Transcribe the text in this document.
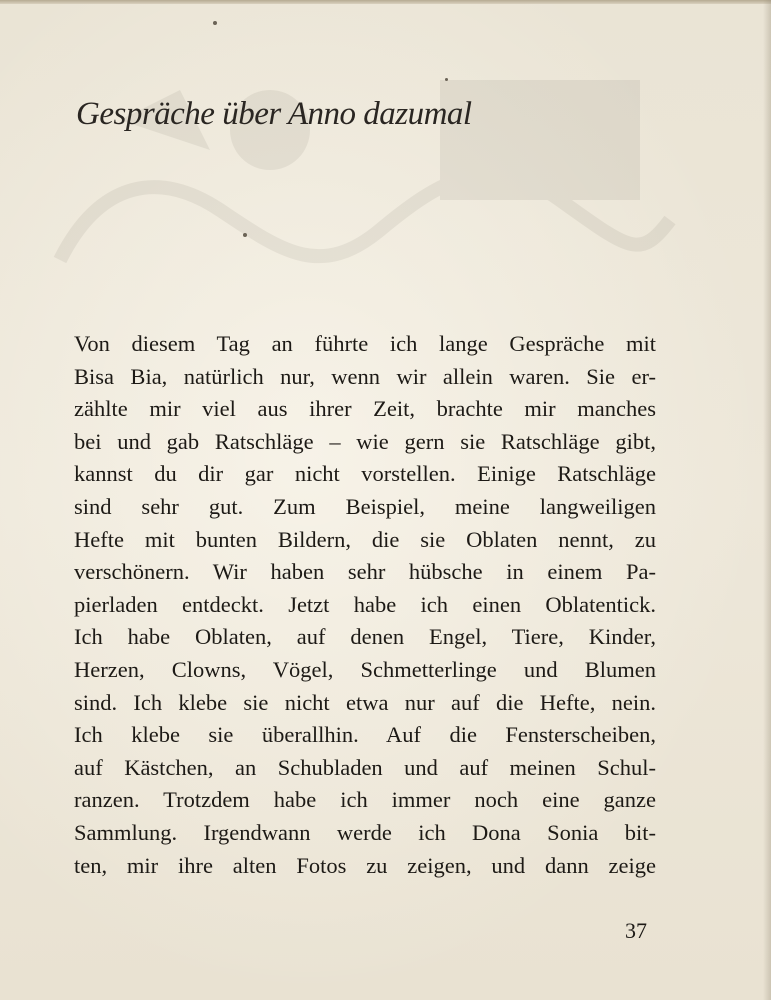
Gespräche über Anno dazumal

Von diesem Tag an führte ich lange Gespräche mit
Bisa Bia, natürlich nur, wenn wir allein waren. Sie er-
zählte mir viel aus ihrer Zeit, brachte mir manches
bei und gab Ratschläge – wie gern sie Ratschläge gibt,
kannst du dir gar nicht vorstellen. Einige Ratschläge
sind sehr gut. Zum Beispiel, meine langweiligen
Hefte mit bunten Bildern, die sie Oblaten nennt, zu
verschönern. Wir haben sehr hübsche in einem Pa-
pierladen entdeckt. Jetzt habe ich einen Oblatentick.
Ich habe Oblaten, auf denen Engel, Tiere, Kinder,
Herzen, Clowns, Vögel, Schmetterlinge und Blumen
sind. Ich klebe sie nicht etwa nur auf die Hefte, nein.
Ich klebe sie überallhin. Auf die Fensterscheiben,
auf Kästchen, an Schubladen und auf meinen Schul-
ranzen. Trotzdem habe ich immer noch eine ganze
Sammlung. Irgendwann werde ich Dona Sonia bit-
ten, mir ihre alten Fotos zu zeigen, und dann zeige

37
